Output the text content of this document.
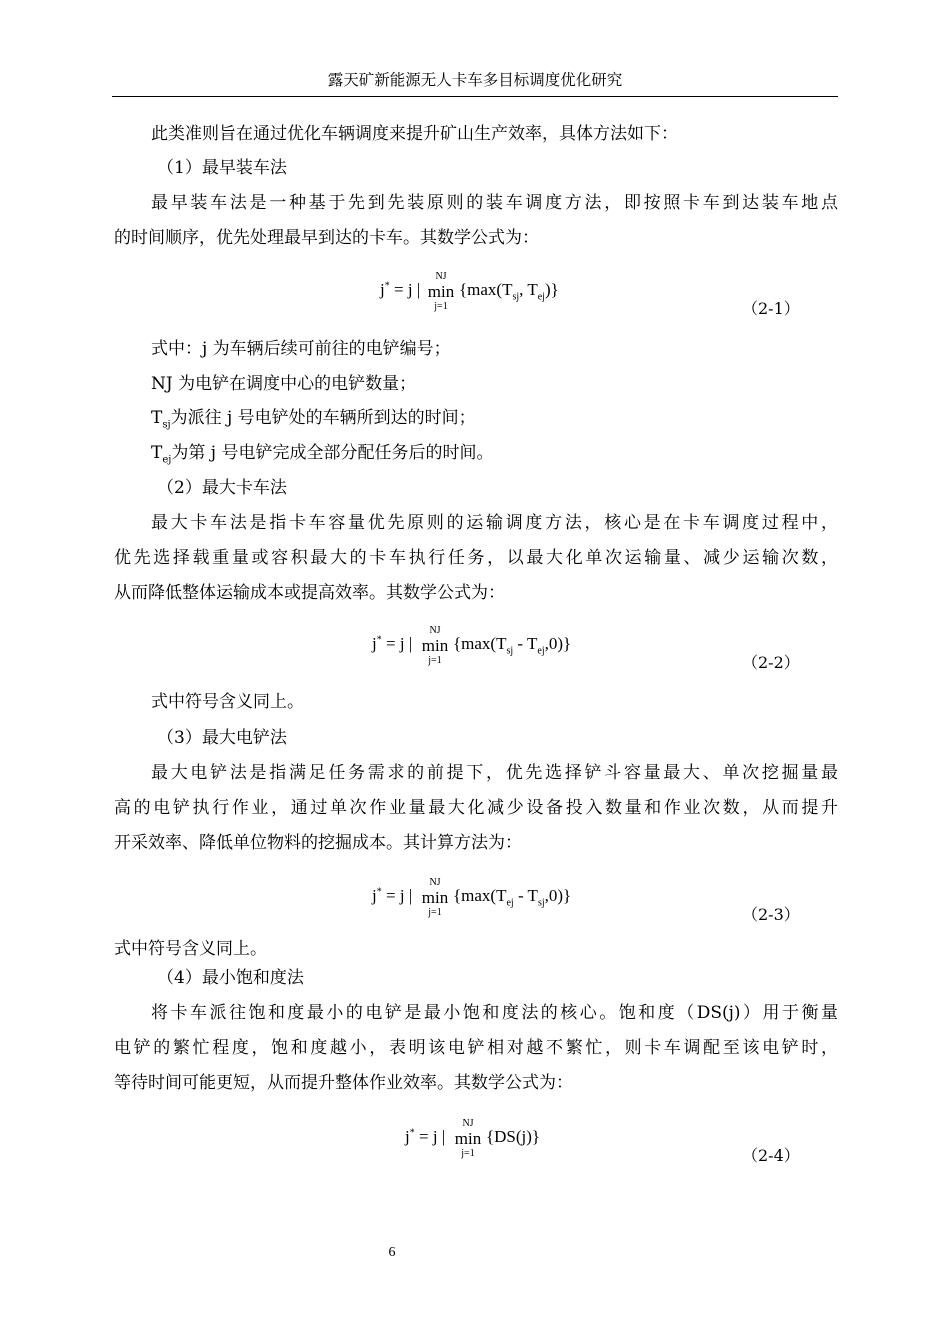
露天矿新能源无人卡车多目标调度优化研究
此类准则旨在通过优化车辆调度来提升矿山生产效率，具体方法如下：
（1）最早装车法
最早装车法是一种基于先到先装原则的装车调度方法，即按照卡车到达装车地点
的时间顺序，优先处理最早到达的卡车。其数学公式为：
j* = j |
NJ
min
j=1
{$\max(T_{sj}$, $T_{ej}$)}
（2-1）
式中：j 为车辆后续可前往的电铲编号；
NJ 为电铲在调度中心的电铲数量；
$T_{sj}$为派往 j 号电铲处的车辆所到达的时间；
$T_{ej}$为第 j 号电铲完成全部分配任务后的时间。
（2）最大卡车法
最大卡车法是指卡车容量优先原则的运输调度方法，核心是在卡车调度过程中，
优先选择载重量或容积最大的卡车执行任务，以最大化单次运输量、减少运输次数，
从而降低整体运输成本或提高效率。其数学公式为：
j* = j |
NJ
min
j=1
$\{\max(T_{sj} - T_{ej},0)\}$
（2-2）
式中符号含义同上。
（3）最大电铲法
最大电铲法是指满足任务需求的前提下，优先选择铲斗容量最大、单次挖掘量最
高的电铲执行作业，通过单次作业量最大化减少设备投入数量和作业次数，从而提升
开采效率、降低单位物料的挖掘成本。其计算方法为：
j* = j |
NJ
min
j=1
$\{\max(T_{ej} - T_{sj},0)\}$
（2-3）
式中符号含义同上。
（4）最小饱和度法
将卡车派往饱和度最小的电铲是最小饱和度法的核心。饱和度（DS(j)）用于衡量
电铲的繁忙程度，饱和度越小，表明该电铲相对越不繁忙，则卡车调配至该电铲时，
等待时间可能更短，从而提升整体作业效率。其数学公式为：
j* = j |
NJ
min
j=1
{DS(j)}
（2-4）
6
